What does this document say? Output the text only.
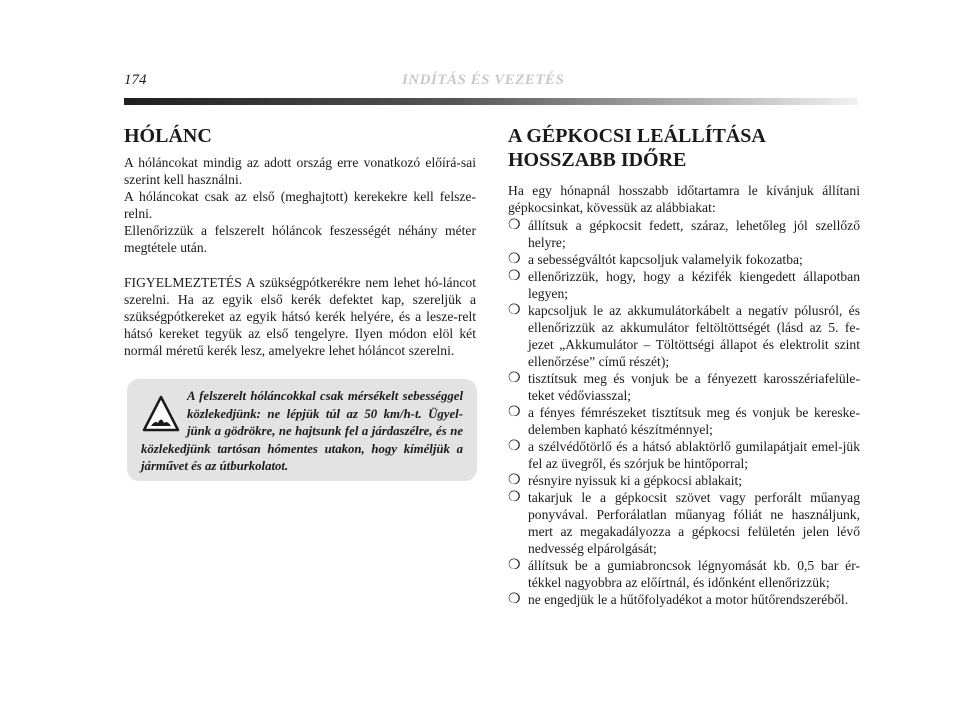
174	INDÍTÁS ÉS VEZETÉS
HÓLÁNC

A hóláncokat mindig az adott ország erre vonatkozó előírá-sai szerint kell használni.

A hóláncokat csak az első (meghajtott) kerekekre kell felsze-relni.

Ellenőrizzük a felszerelt hóláncok feszességét néhány méter megtétele után.

FIGYELMEZTETÉS A szükségpótkerékre nem lehet hó-láncot szerelni. Ha az egyik első kerék defektet kap, szereljük a szükségpótkereket az egyik hátsó kerék helyére, és a lesze-relt hátsó kereket tegyük az első tengelyre. Ilyen módon elöl két normál méretű kerék lesz, amelyekre lehet hóláncot szerelni.

A felszerelt hóláncokkal csak mérsékelt sebességgel közlekedjünk: ne lépjük túl az 50 km/h-t. Ügyel-jünk a gödrökre, ne hajtsunk fel a járdaszélre, és ne közlekedjünk tartósan hómentes utakon, hogy kíméljük a járművet és az útburkolatot.
A GÉPKOCSI LEÁLLÍTÁSA
HOSSZABB IDŐRE

Ha egy hónapnál hosszabb időtartamra le kívánjuk állítani gépkocsinkat, kövessük az alábbiakat:

❍ állítsuk a gépkocsit fedett, száraz, lehetőleg jól szellőző helyre;
❍ a sebességváltót kapcsoljuk valamelyik fokozatba;
❍ ellenőrizzük, hogy, hogy a kézifék kiengedett állapotban legyen;
❍ kapcsoljuk le az akkumulátorkábelt a negatív pólusról, és ellenőrizzük az akkumulátor feltöltöttségét (lásd az 5. fe-jezet „Akkumulátor – Töltöttségi állapot és elektrolit szint ellenőrzése” című részét);
❍ tisztítsuk meg és vonjuk be a fényezett karosszériafelüle-teket védőviasszal;
❍ a fényes fémrészeket tisztítsuk meg és vonjuk be kereske-delemben kapható készítménnyel;
❍ a szélvédőtörlő és a hátsó ablaktörlő gumilapátjait emel-jük fel az üvegről, és szórjuk be hintőporral;
❍ résnyire nyissuk ki a gépkocsi ablakait;
❍ takarjuk le a gépkocsit szövet vagy perforált műanyag ponyvával. Perforálatlan műanyag fóliát ne használjunk, mert az megakadályozza a gépkocsi felületén jelen lévő nedvesség elpárolgását;
❍ állítsuk be a gumiabroncsok légnyomását kb. 0,5 bar ér-tékkel nagyobbra az előírtnál, és időnként ellenőrizzük;
❍ ne engedjük le a hűtőfolyadékot a motor hűtőrendszeréből.
